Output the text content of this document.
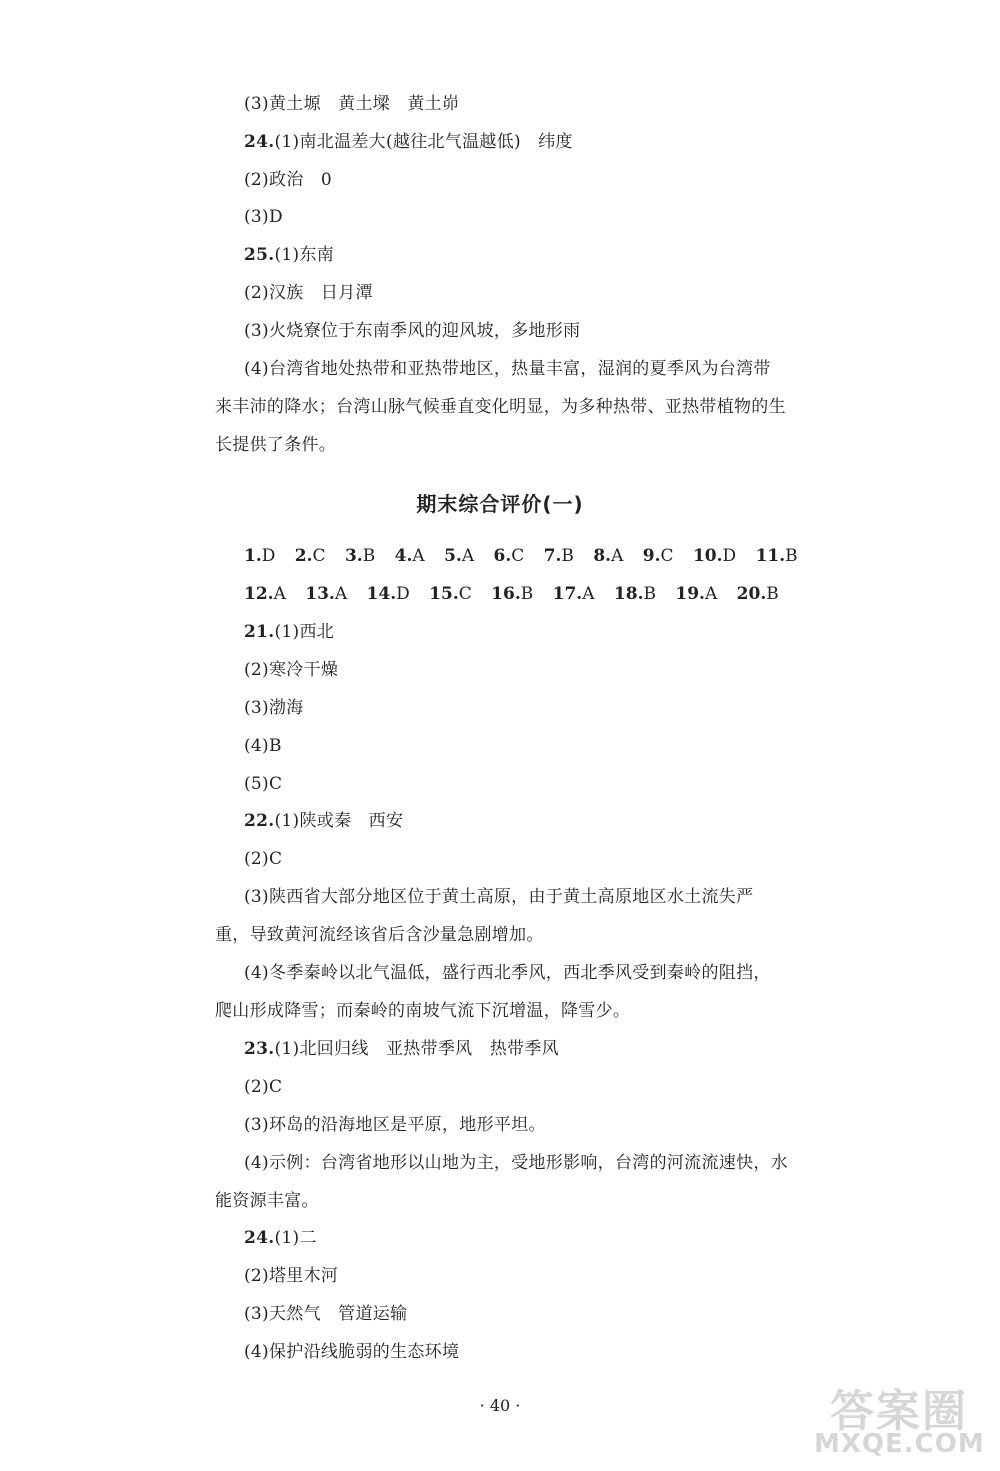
(3)黄土塬　黄土墚　黄土峁
24.(1)南北温差大(越往北气温越低)　纬度
(2)政治　0
(3)D
25.(1)东南
(2)汉族　日月潭
(3)火烧寮位于东南季风的迎风坡，多地形雨
(4)台湾省地处热带和亚热带地区，热量丰富，湿润的夏季风为台湾带
来丰沛的降水；台湾山脉气候垂直变化明显，为多种热带、亚热带植物的生
长提供了条件。
期末综合评价(一)
1.D 2.C 3.B 4.A 5.A 6.C 7.B 8.A 9.C 10.D 11.B
12.A 13.A 14.D 15.C 16.B 17.A 18.B 19.A 20.B
21.(1)西北
(2)寒冷干燥
(3)渤海
(4)B
(5)C
22.(1)陕或秦　西安
(2)C
(3)陕西省大部分地区位于黄土高原，由于黄土高原地区水土流失严
重，导致黄河流经该省后含沙量急剧增加。
(4)冬季秦岭以北气温低，盛行西北季风，西北季风受到秦岭的阻挡，
爬山形成降雪；而秦岭的南坡气流下沉增温，降雪少。
23.(1)北回归线　亚热带季风　热带季风
(2)C
(3)环岛的沿海地区是平原，地形平坦。
(4)示例：台湾省地形以山地为主，受地形影响，台湾的河流流速快，水
能资源丰富。
24.(1)二
(2)塔里木河
(3)天然气　管道运输
(4)保护沿线脆弱的生态环境
· 40 ·	答案圈
MXQE.COM
